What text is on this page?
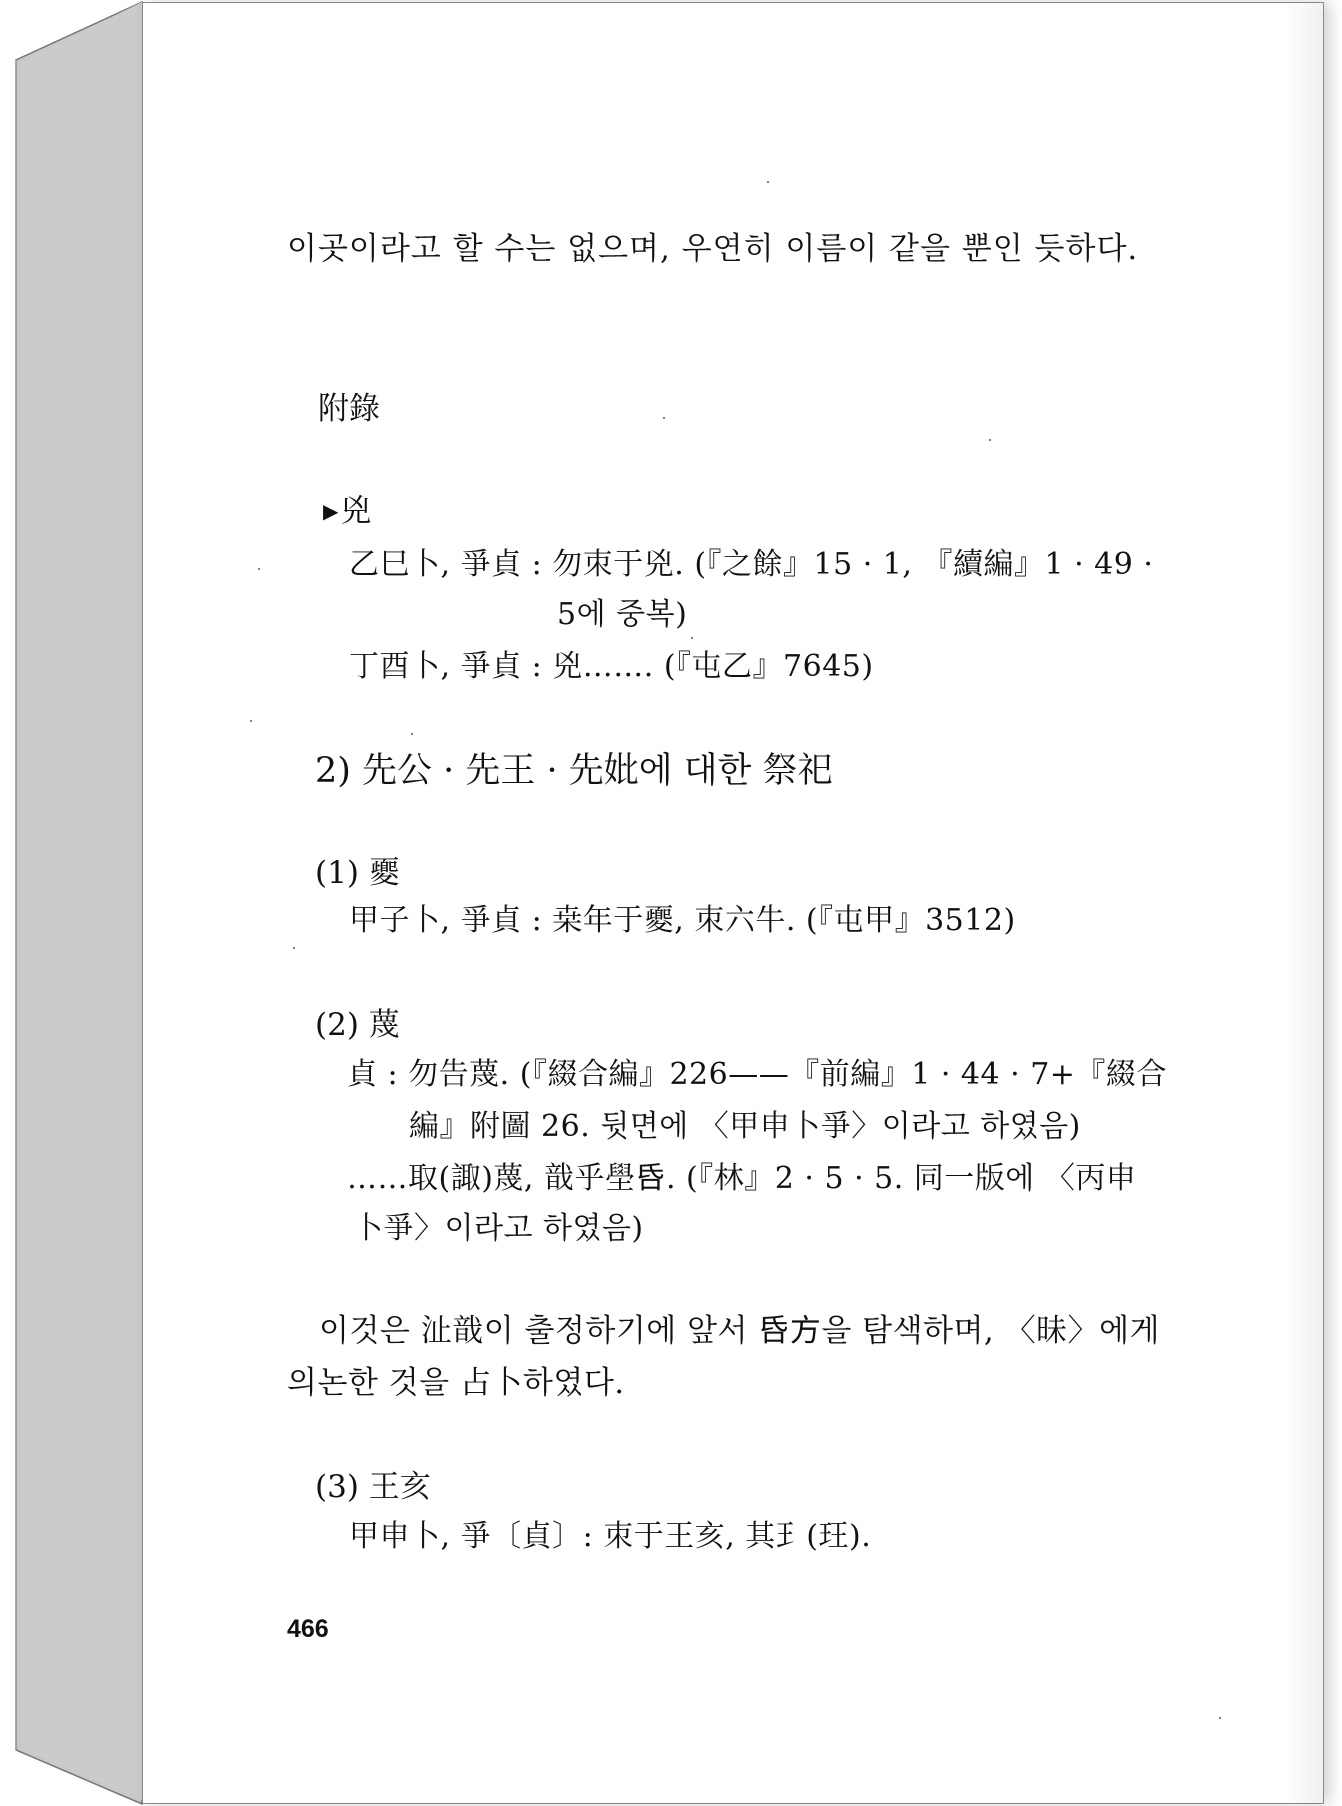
이곳이라고 할 수는 없으며, 우연히 이름이 같을 뿐인 듯하다.
附錄
▶兇
乙巳卜, 爭貞 : 勿朿于兇. (『之餘』15 · 1, 『續編』1 · 49 ·
5에 중복)
丁酉卜, 爭貞 : 兇……. (『屯乙』7645)
2) 先公 · 先王 · 先妣에 대한 祭祀
(1) 夒
甲子卜, 爭貞 : 桒年于夒, 朿六牛. (『屯甲』3512)
(2) 蔑
貞 : 勿告蔑. (『綴合編』226——『前編』1 · 44 · 7+『綴合
編』附圖 26. 뒷면에 〈甲申卜爭〉이라고 하였음)
……取(諏)蔑, 戠乎壆𠯑. (『林』2 · 5 · 5. 同一版에 〈丙申
卜爭〉이라고 하였음)
이것은 沚戠이 출정하기에 앞서 𠯑方을 탐색하며, 〈昧〉에게
의논한 것을 占卜하였다.
(3) 王亥
甲申卜, 爭〔貞〕: 朿于王亥, 其𤣩(玨).
466
